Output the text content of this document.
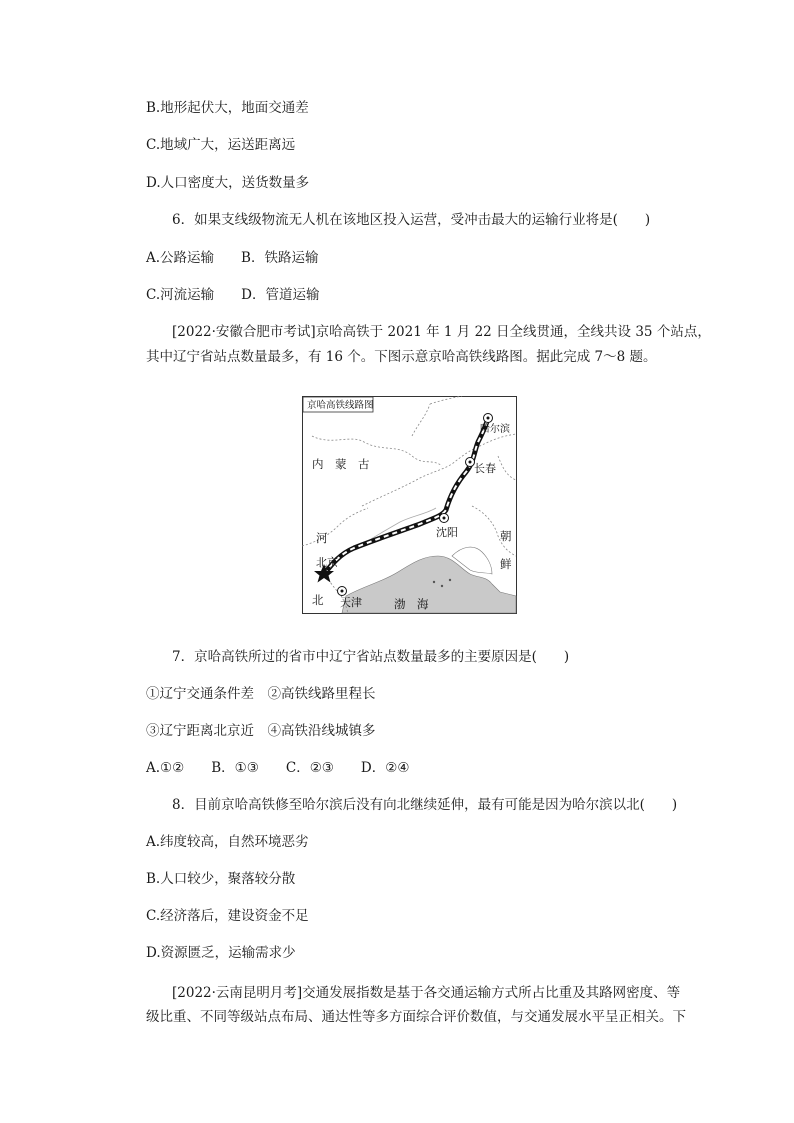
B.地形起伏大，地面交通差
C.地域广大，运送距离远
D.人口密度大，送货数量多
6．如果支线级物流无人机在该地区投入运营，受冲击最大的运输行业将是(　　)
A.公路运输　　B．铁路运输
C.河流运输　　D．管道运输
[2022·安徽合肥市考试]京哈高铁于 2021 年 1 月 22 日全线贯通，全线共设 35 个站点，
其中辽宁省站点数量最多，有 16 个。下图示意京哈高铁线路图。据此完成 7～8 题。
京哈高铁线路图
内　蒙　古
河
北
北京
天津
沈阳
长春
哈尔滨
朝
鲜
渤　海
7．京哈高铁所过的省市中辽宁省站点数量最多的主要原因是(　　)
①辽宁交通条件差　②高铁线路里程长
③辽宁距离北京近　④高铁沿线城镇多
A.①②　　B．①③　　C．②③　　D．②④
8．目前京哈高铁修至哈尔滨后没有向北继续延伸，最有可能是因为哈尔滨以北(　　)
A.纬度较高，自然环境恶劣
B.人口较少，聚落较分散
C.经济落后，建设资金不足
D.资源匮乏，运输需求少
[2022·云南昆明月考]交通发展指数是基于各交通运输方式所占比重及其路网密度、等
级比重、不同等级站点布局、通达性等多方面综合评价数值，与交通发展水平呈正相关。下
